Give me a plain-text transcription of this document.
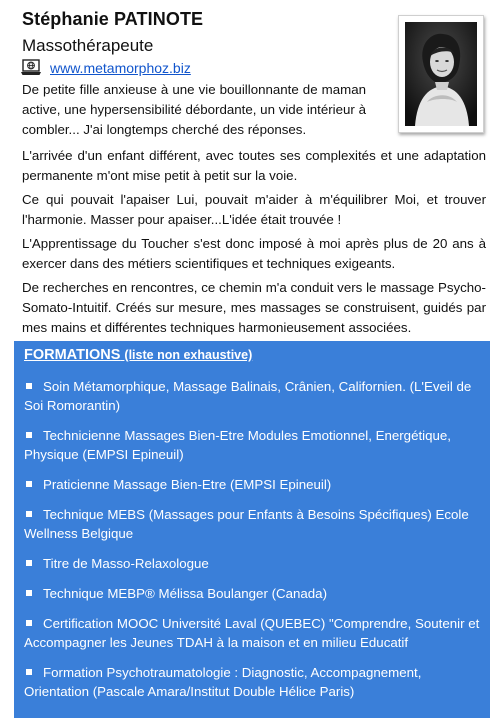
Stéphanie PATINOTE
Massothérapeute
www.metamorphoz.biz

De petite fille anxieuse à une vie bouillonnante de maman active, une hypersensibilité débordante, un vide intérieur à combler... J'ai longtemps cherché des réponses.

L'arrivée d'un enfant différent, avec toutes ses complexités et une adaptation permanente m'ont mise petit à petit sur la voie.

Ce qui pouvait l'apaiser Lui, pouvait m'aider à m'équilibrer Moi, et trouver l'harmonie. Masser pour apaiser...L'idée était trouvée !

L'Apprentissage du Toucher s'est donc imposé à moi après plus de 20 ans à exercer dans des métiers scientifiques et techniques exigeants.

De recherches en rencontres, ce chemin m'a conduit vers le massage Psycho-Somato-Intuitif. Créés sur mesure, mes massages se construisent, guidés par mes mains et différentes techniques harmonieusement associées.

FORMATIONS (liste non exhaustive)
Soin Métamorphique, Massage Balinais, Crânien, Californien. (L'Eveil de Soi Romorantin)
Technicienne Massages Bien-Etre Modules Emotionnel, Energétique, Physique (EMPSI Epineuil)
Praticienne Massage Bien-Etre (EMPSI Epineuil)
Technique MEBS (Massages pour Enfants à Besoins Spécifiques) Ecole Wellness Belgique
Titre de Masso-Relaxologue
Technique MEBP® Mélissa Boulanger (Canada)
Certification MOOC Université Laval (QUEBEC) "Comprendre, Soutenir et Accompagner les Jeunes TDAH à la maison et en milieu Educatif
Formation Psychotraumatologie : Diagnostic, Accompagnement, Orientation (Pascale Amara/Institut Double Hélice Paris)
